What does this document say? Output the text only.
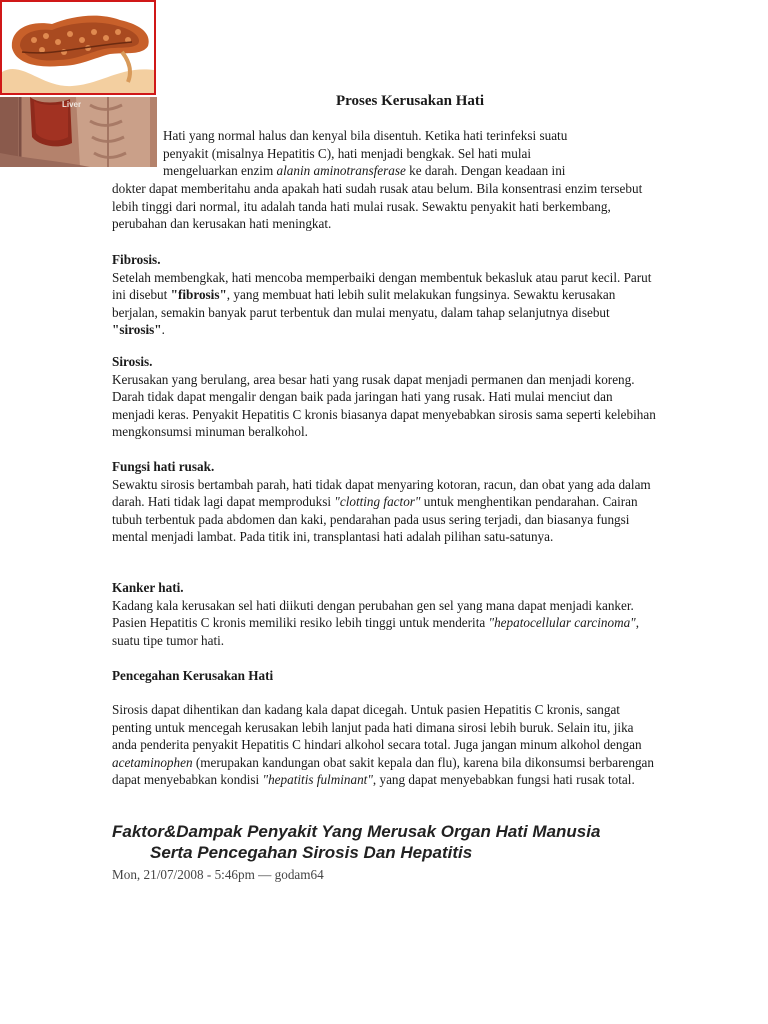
Liver	Proses Kerusakan Hati

Hati yang normal halus dan kenyal bila disentuh. Ketika hati terinfeksi suatu
penyakit (misalnya Hepatitis C), hati menjadi bengkak. Sel hati mulai
mengeluarkan enzim alanin aminotransferase ke darah. Dengan keadaan ini

dokter dapat memberitahu anda apakah hati sudah rusak atau belum. Bila konsentrasi enzim tersebut lebih tinggi dari normal, itu adalah tanda hati mulai rusak. Sewaktu penyakit hati berkembang, perubahan dan kerusakan hati meningkat.

Fibrosis.
Setelah membengkak, hati mencoba memperbaiki dengan membentuk bekasluk atau parut kecil. Parut ini disebut "fibrosis", yang membuat hati lebih sulit melakukan fungsinya. Sewaktu kerusakan berjalan, semakin banyak parut terbentuk dan mulai menyatu, dalam tahap selanjutnya disebut "sirosis".
Sirosis.
Kerusakan yang berulang, area besar hati yang rusak dapat menjadi permanen dan menjadi koreng. Darah tidak dapat mengalir dengan baik pada jaringan hati yang rusak. Hati mulai menciut dan menjadi keras. Penyakit Hepatitis C kronis biasanya dapat menyebabkan sirosis sama seperti kelebihan mengkonsumsi minuman beralkohol.
Fungsi hati rusak.
Sewaktu sirosis bertambah parah, hati tidak dapat menyaring kotoran, racun, dan obat yang ada dalam darah. Hati tidak lagi dapat memproduksi "clotting factor" untuk menghentikan pendarahan. Cairan tubuh terbentuk pada abdomen dan kaki, pendarahan pada usus sering terjadi, dan biasanya fungsi mental menjadi lambat. Pada titik ini, transplantasi hati adalah pilihan satu-satunya.
Kanker hati.
Kadang kala kerusakan sel hati diikuti dengan perubahan gen sel yang mana dapat menjadi kanker. Pasien Hepatitis C kronis memiliki resiko lebih tinggi untuk menderita "hepatocellular carcinoma", suatu tipe tumor hati.
Pencegahan Kerusakan Hati

Sirosis dapat dihentikan dan kadang kala dapat dicegah. Untuk pasien Hepatitis C kronis, sangat penting untuk mencegah kerusakan lebih lanjut pada hati dimana sirosi lebih buruk. Selain itu, jika anda penderita penyakit Hepatitis C hindari alkohol secara total. Juga jangan minum alkohol dengan acetaminophen (merupakan kandungan obat sakit kepala dan flu), karena bila dikonsumsi berbarengan dapat menyebabkan kondisi "hepatitis fulminant", yang dapat menyebabkan fungsi hati rusak total.

Faktor&Dampak Penyakit Yang Merusak Organ Hati Manusia
Serta Pencegahan Sirosis Dan Hepatitis

Mon, 21/07/2008 - 5:46pm — godam64
